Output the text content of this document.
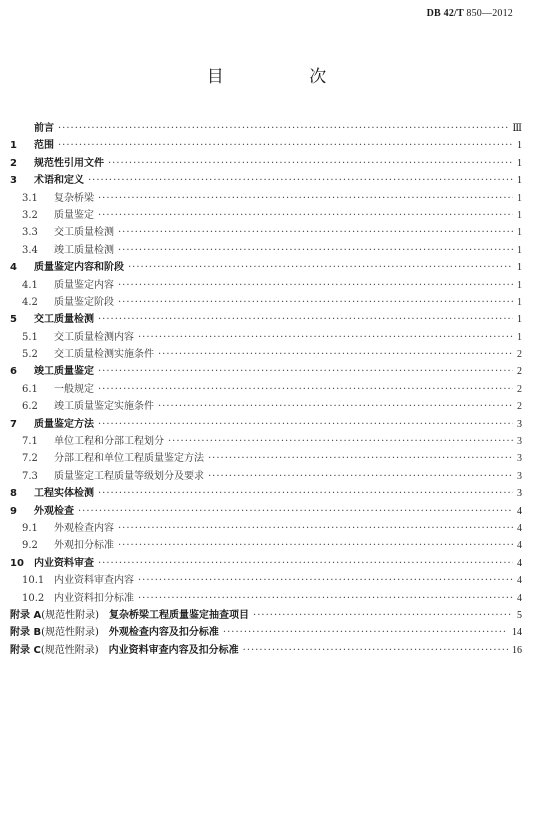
DB 42/T 850—2012
目 次
前言 ·····	Ⅲ
1	范围 ·····	1
2	规范性引用文件 ·····	1
3	术语和定义 ·····	1
3.1	复杂桥梁 ·····	1
3.2	质量鉴定 ·····	1
3.3	交工质量检测 ·····	1
3.4	竣工质量检测 ·····	1
4	质量鉴定内容和阶段 ·····	1
4.1	质量鉴定内容 ·····	1
4.2	质量鉴定阶段 ·····	1
5	交工质量检测 ·····	1
5.1	交工质量检测内容 ·····	1
5.2	交工质量检测实施条件 ·····	2
6	竣工质量鉴定 ·····	2
6.1	一般规定 ·····	2
6.2	竣工质量鉴定实施条件 ·····	2
7	质量鉴定方法 ·····	3
7.1	单位工程和分部工程划分 ·····	3
7.2	分部工程和单位工程质量鉴定方法 ·····	3
7.3	质量鉴定工程质量等级划分及要求 ·····	3
8	工程实体检测 ·····	3
9	外观检查 ·····	4
9.1	外观检查内容 ·····	4
9.2	外观扣分标准 ·····	4
10	内业资料审查 ·····	4
10.1 内业资料审查内容 ·····	4
10.2 内业资料扣分标准 ·····	4
附录 A (规范性附录) 复杂桥梁工程质量鉴定抽查项目 ·····	5
附录 B (规范性附录) 外观检查内容及扣分标准 ·····	14
附录 C (规范性附录) 内业资料审查内容及扣分标准 ·····	16
